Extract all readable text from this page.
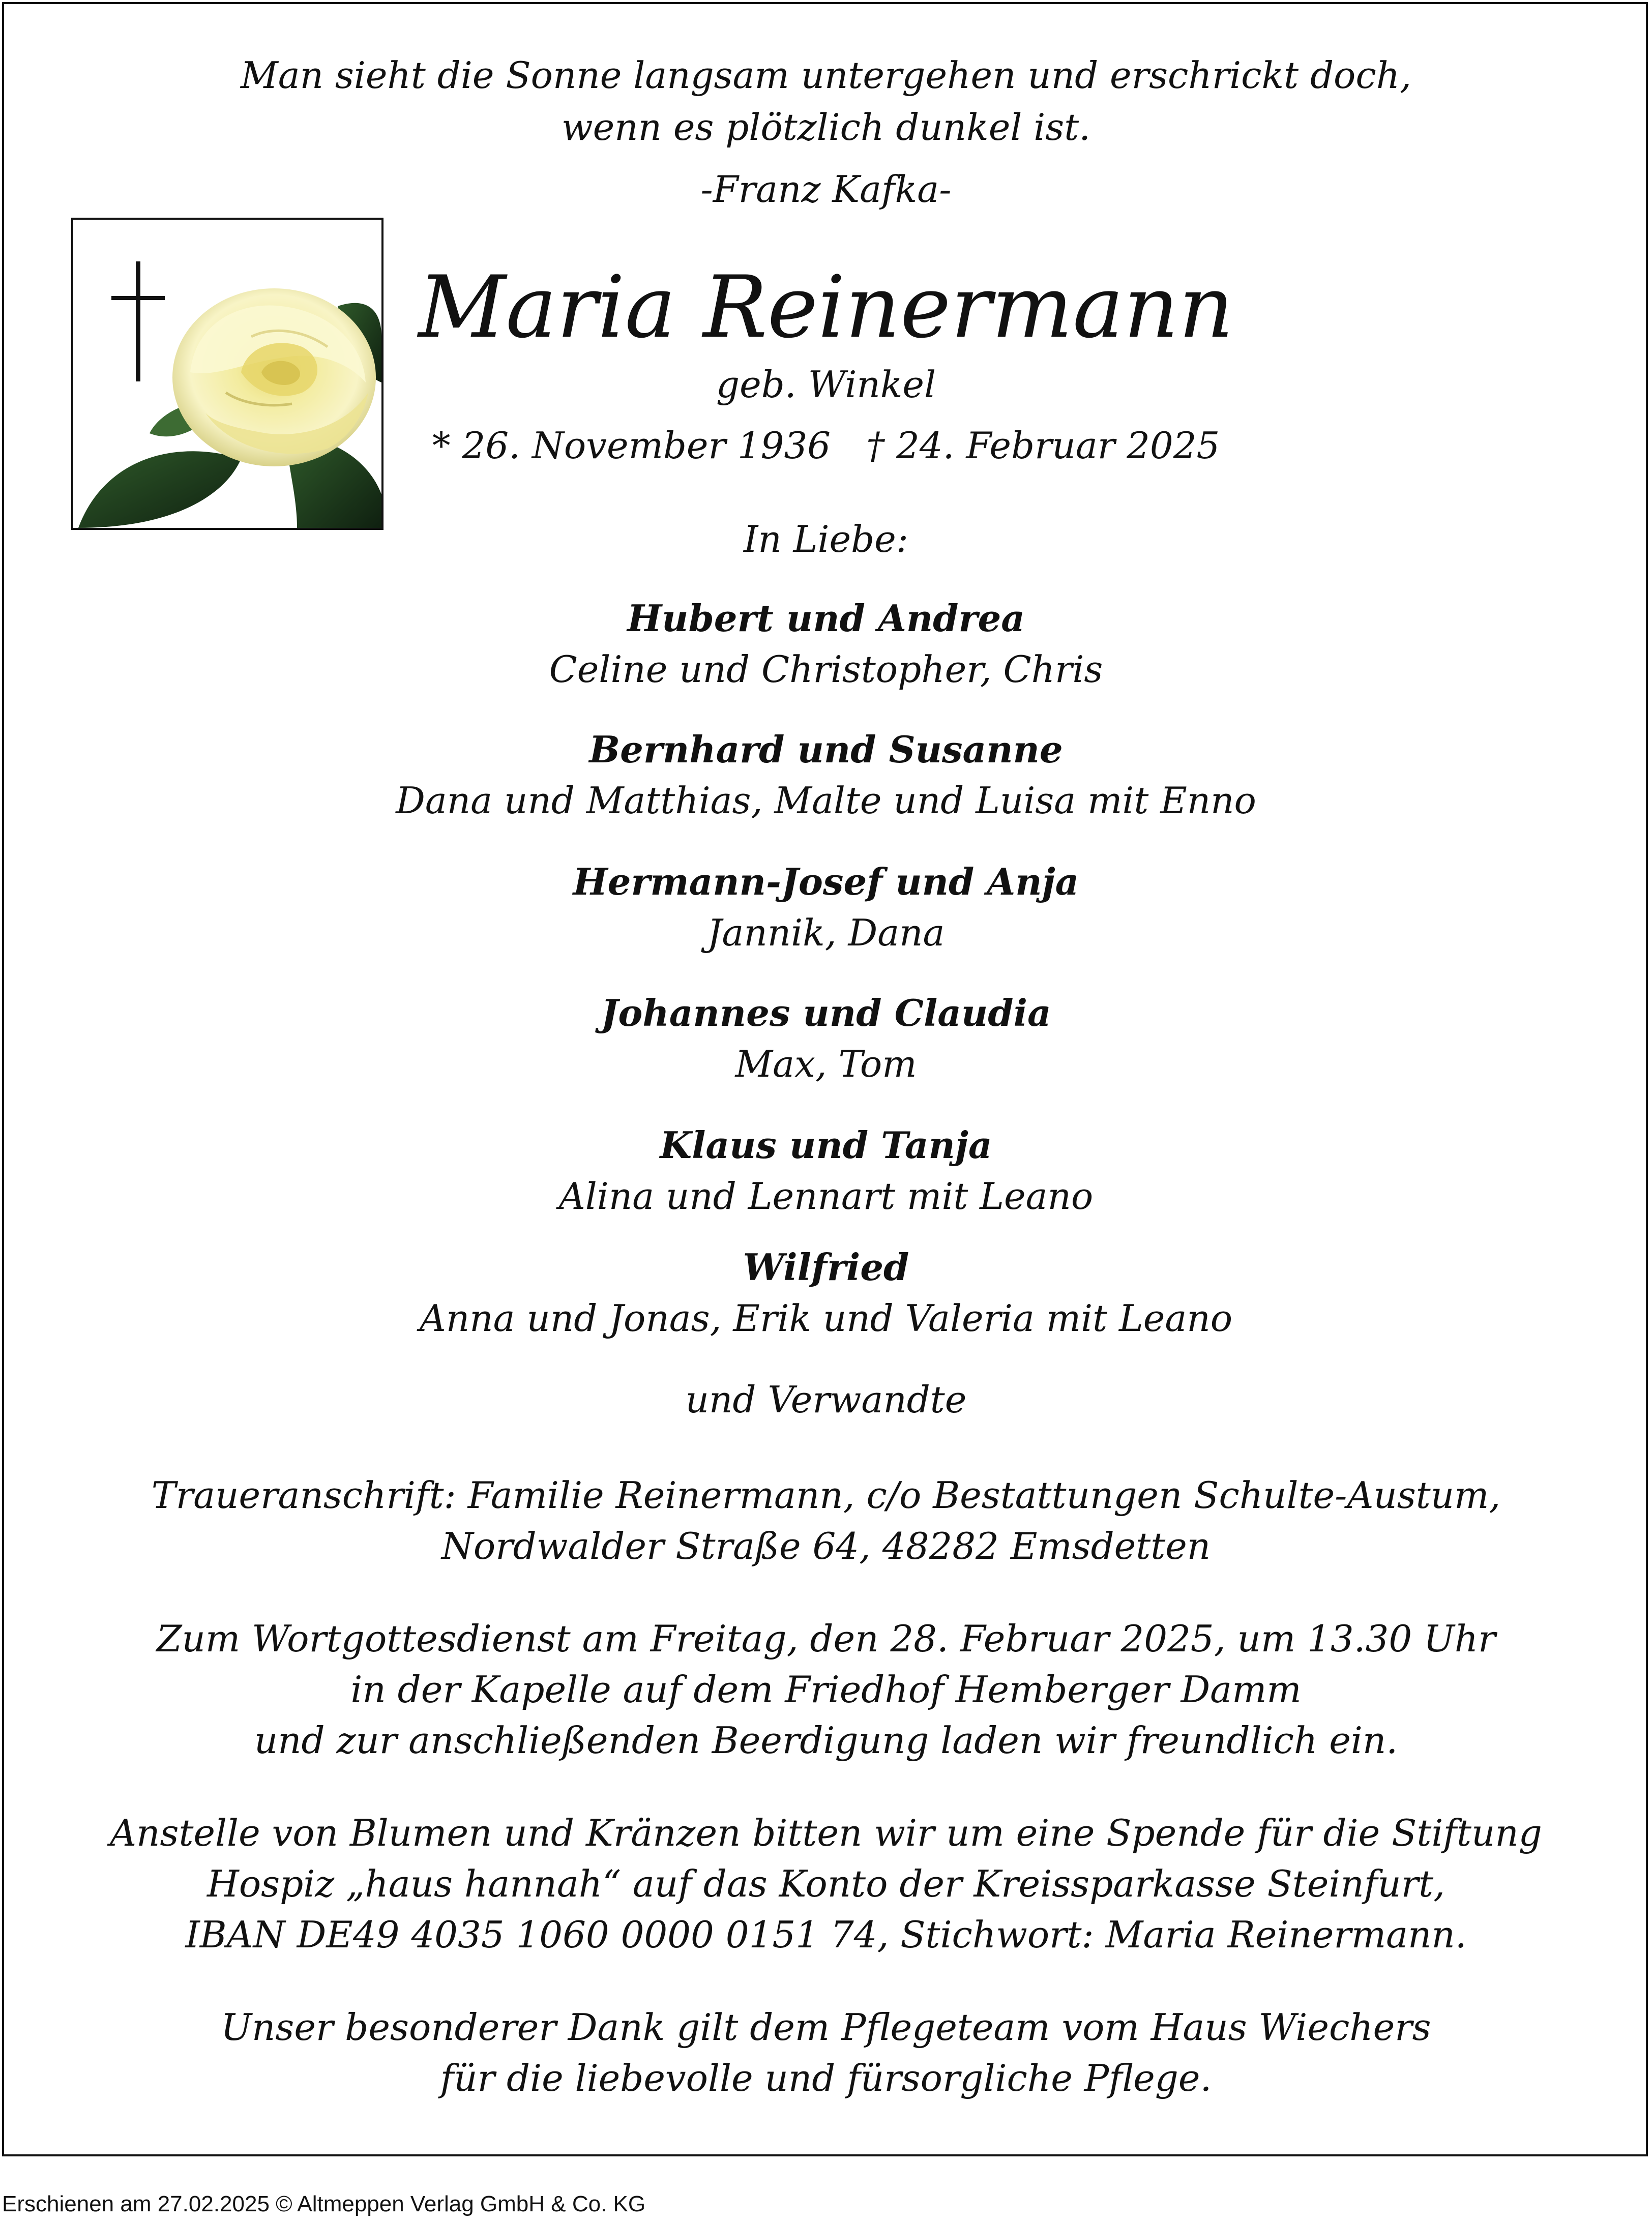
Man sieht die Sonne langsam untergehen und erschrickt doch,
wenn es plötzlich dunkel ist.
-Franz Kafka-
Maria Reinermann
geb. Winkel
* 26. November 1936 † 24. Februar 2025
In Liebe:
Hubert und Andrea
Celine und Christopher, Chris
Bernhard und Susanne
Dana und Matthias, Malte und Luisa mit Enno
Hermann-Josef und Anja
Jannik, Dana
Johannes und Claudia
Max, Tom
Klaus und Tanja
Alina und Lennart mit Leano
Wilfried
Anna und Jonas, Erik und Valeria mit Leano
und Verwandte
Traueranschrift: Familie Reinermann, c/o Bestattungen Schulte-Austum,
Nordwalder Straße 64, 48282 Emsdetten
Zum Wortgottesdienst am Freitag, den 28. Februar 2025, um 13.30 Uhr
in der Kapelle auf dem Friedhof Hemberger Damm
und zur anschließenden Beerdigung laden wir freundlich ein.
Anstelle von Blumen und Kränzen bitten wir um eine Spende für die Stiftung
Hospiz „haus hannah“ auf das Konto der Kreissparkasse Steinfurt,
IBAN DE49 4035 1060 0000 0151 74, Stichwort: Maria Reinermann.
Unser besonderer Dank gilt dem Pflegeteam vom Haus Wiechers
für die liebevolle und fürsorgliche Pflege.
Erschienen am 27.02.2025 © Altmeppen Verlag GmbH & Co. KG
